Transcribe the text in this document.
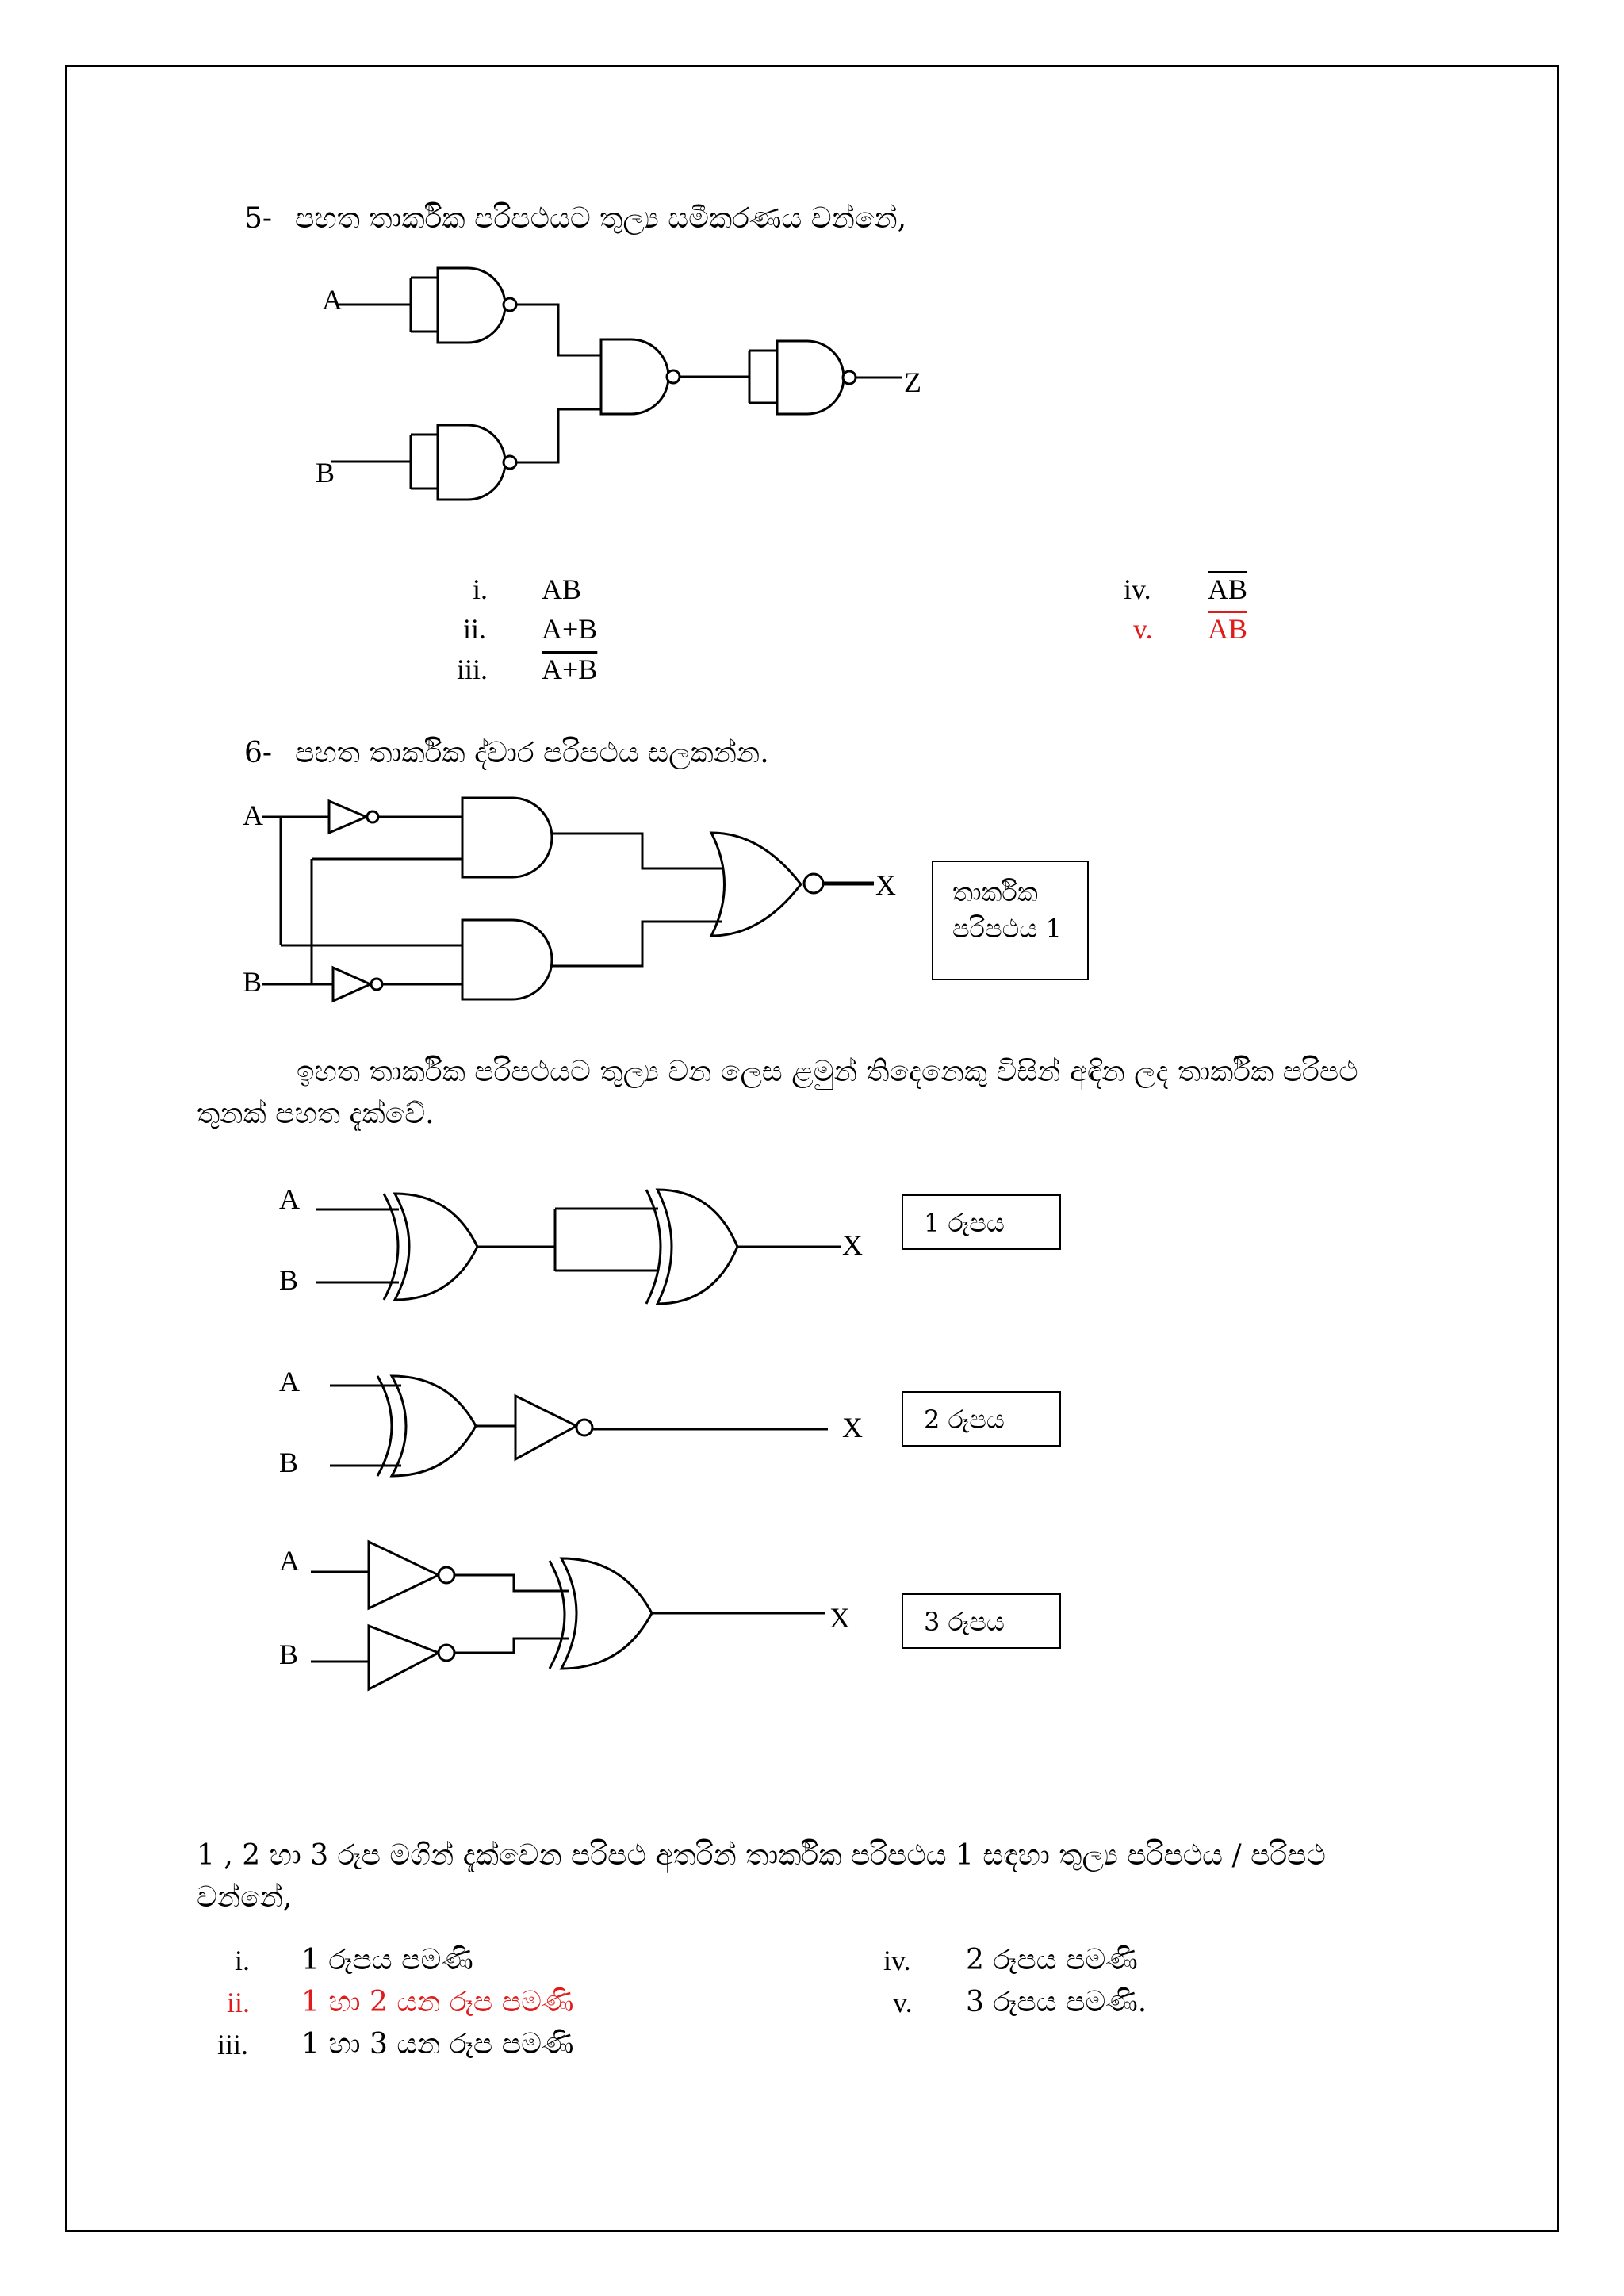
5- පහත තාර්කික පරිපථයට තුල්‍ය සමීකරණය වන්නේ,
A
B
Z
i. AB
ii. A+B
iii. A+B
iv. $\overline{AB}$
v. $\overline{AB}$
6- පහත තාර්කික ද්වාර පරිපථය සලකන්න.
A
B
X තාර්කික
පරිපථය 1
ඉහත තාර්කික පරිපථයට තුල්‍ය වන ලෙස ළමුන් තිදෙනෙකු විසින් අඳින ලද තාර්කික පරිපථ
තුනක් පහත දැක්වේ.
A
B
X
1 රූපය
A
B
X 2 රූපය
A
B
X	3 රූපය
1 , 2 හා 3 රූප මගින් දැක්වෙන පරිපථ අතරින් තාර්කික පරිපථය 1 සඳහා තුල්‍ය පරිපථය / පරිපථ
වන්නේ,
i. 1 රූපය පමණි
ii. 1 හා 2 යන රූප පමණි
iii. 1 හා 3 යන රූප පමණි
iv. 2 රූපය පමණි
v. 3 රූපය පමණි.
